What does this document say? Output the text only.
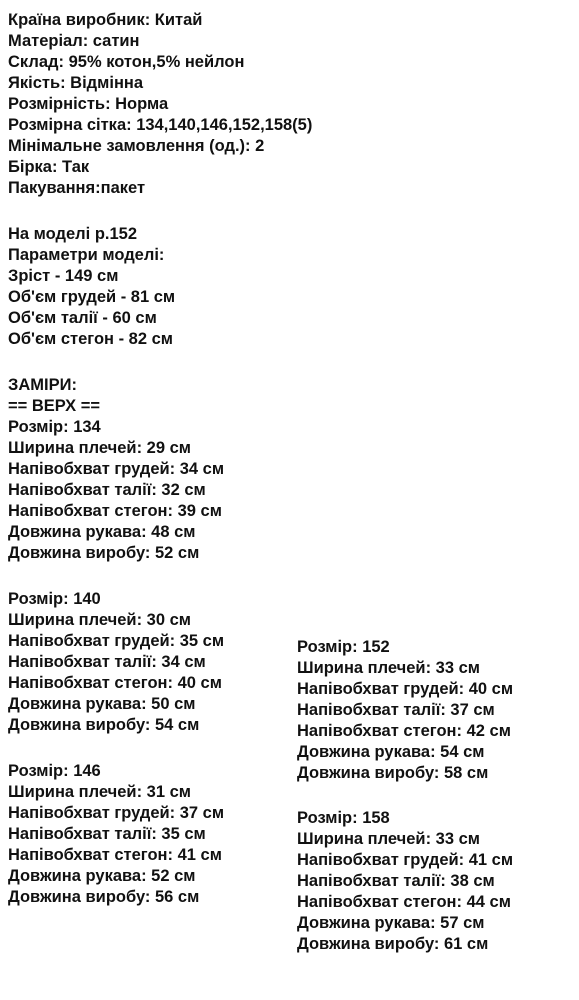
Країна виробник: Китай
Матеріал: сатин
Склад: 95% котон,5% нейлон
Якість: Відмінна
Розмірність: Норма
Розмірна сітка: 134,140,146,152,158(5)
Мінімальне замовлення (од.): 2
Бірка: Так
Пакування:пакет
На моделі р.152
Параметри моделі:
Зріст - 149 см
Об'єм грудей - 81 см
Об'єм талії - 60 см
Об'єм стегон - 82 см
ЗАМІРИ:
== ВЕРХ ==
Розмір: 134
Ширина плечей: 29 см
Напівобхват грудей: 34 см
Напівобхват талії: 32 см
Напівобхват стегон: 39 см
Довжина рукава: 48 см
Довжина виробу: 52 см
Розмір: 140
Ширина плечей: 30 см
Напівобхват грудей: 35 см
Напівобхват талії: 34 см
Напівобхват стегон: 40 см
Довжина рукава: 50 см
Довжина виробу: 54 см
Розмір: 146
Ширина плечей: 31 см
Напівобхват грудей: 37 см
Напівобхват талії: 35 см
Напівобхват стегон: 41 см
Довжина рукава: 52 см
Довжина виробу: 56 см
Розмір: 152
Ширина плечей: 33 см
Напівобхват грудей: 40 см
Напівобхват талії: 37 см
Напівобхват стегон: 42 см
Довжина рукава: 54 см
Довжина виробу: 58 см
Розмір: 158
Ширина плечей: 33 см
Напівобхват грудей: 41 см
Напівобхват талії: 38 см
Напівобхват стегон: 44 см
Довжина рукава: 57 см
Довжина виробу: 61 см
